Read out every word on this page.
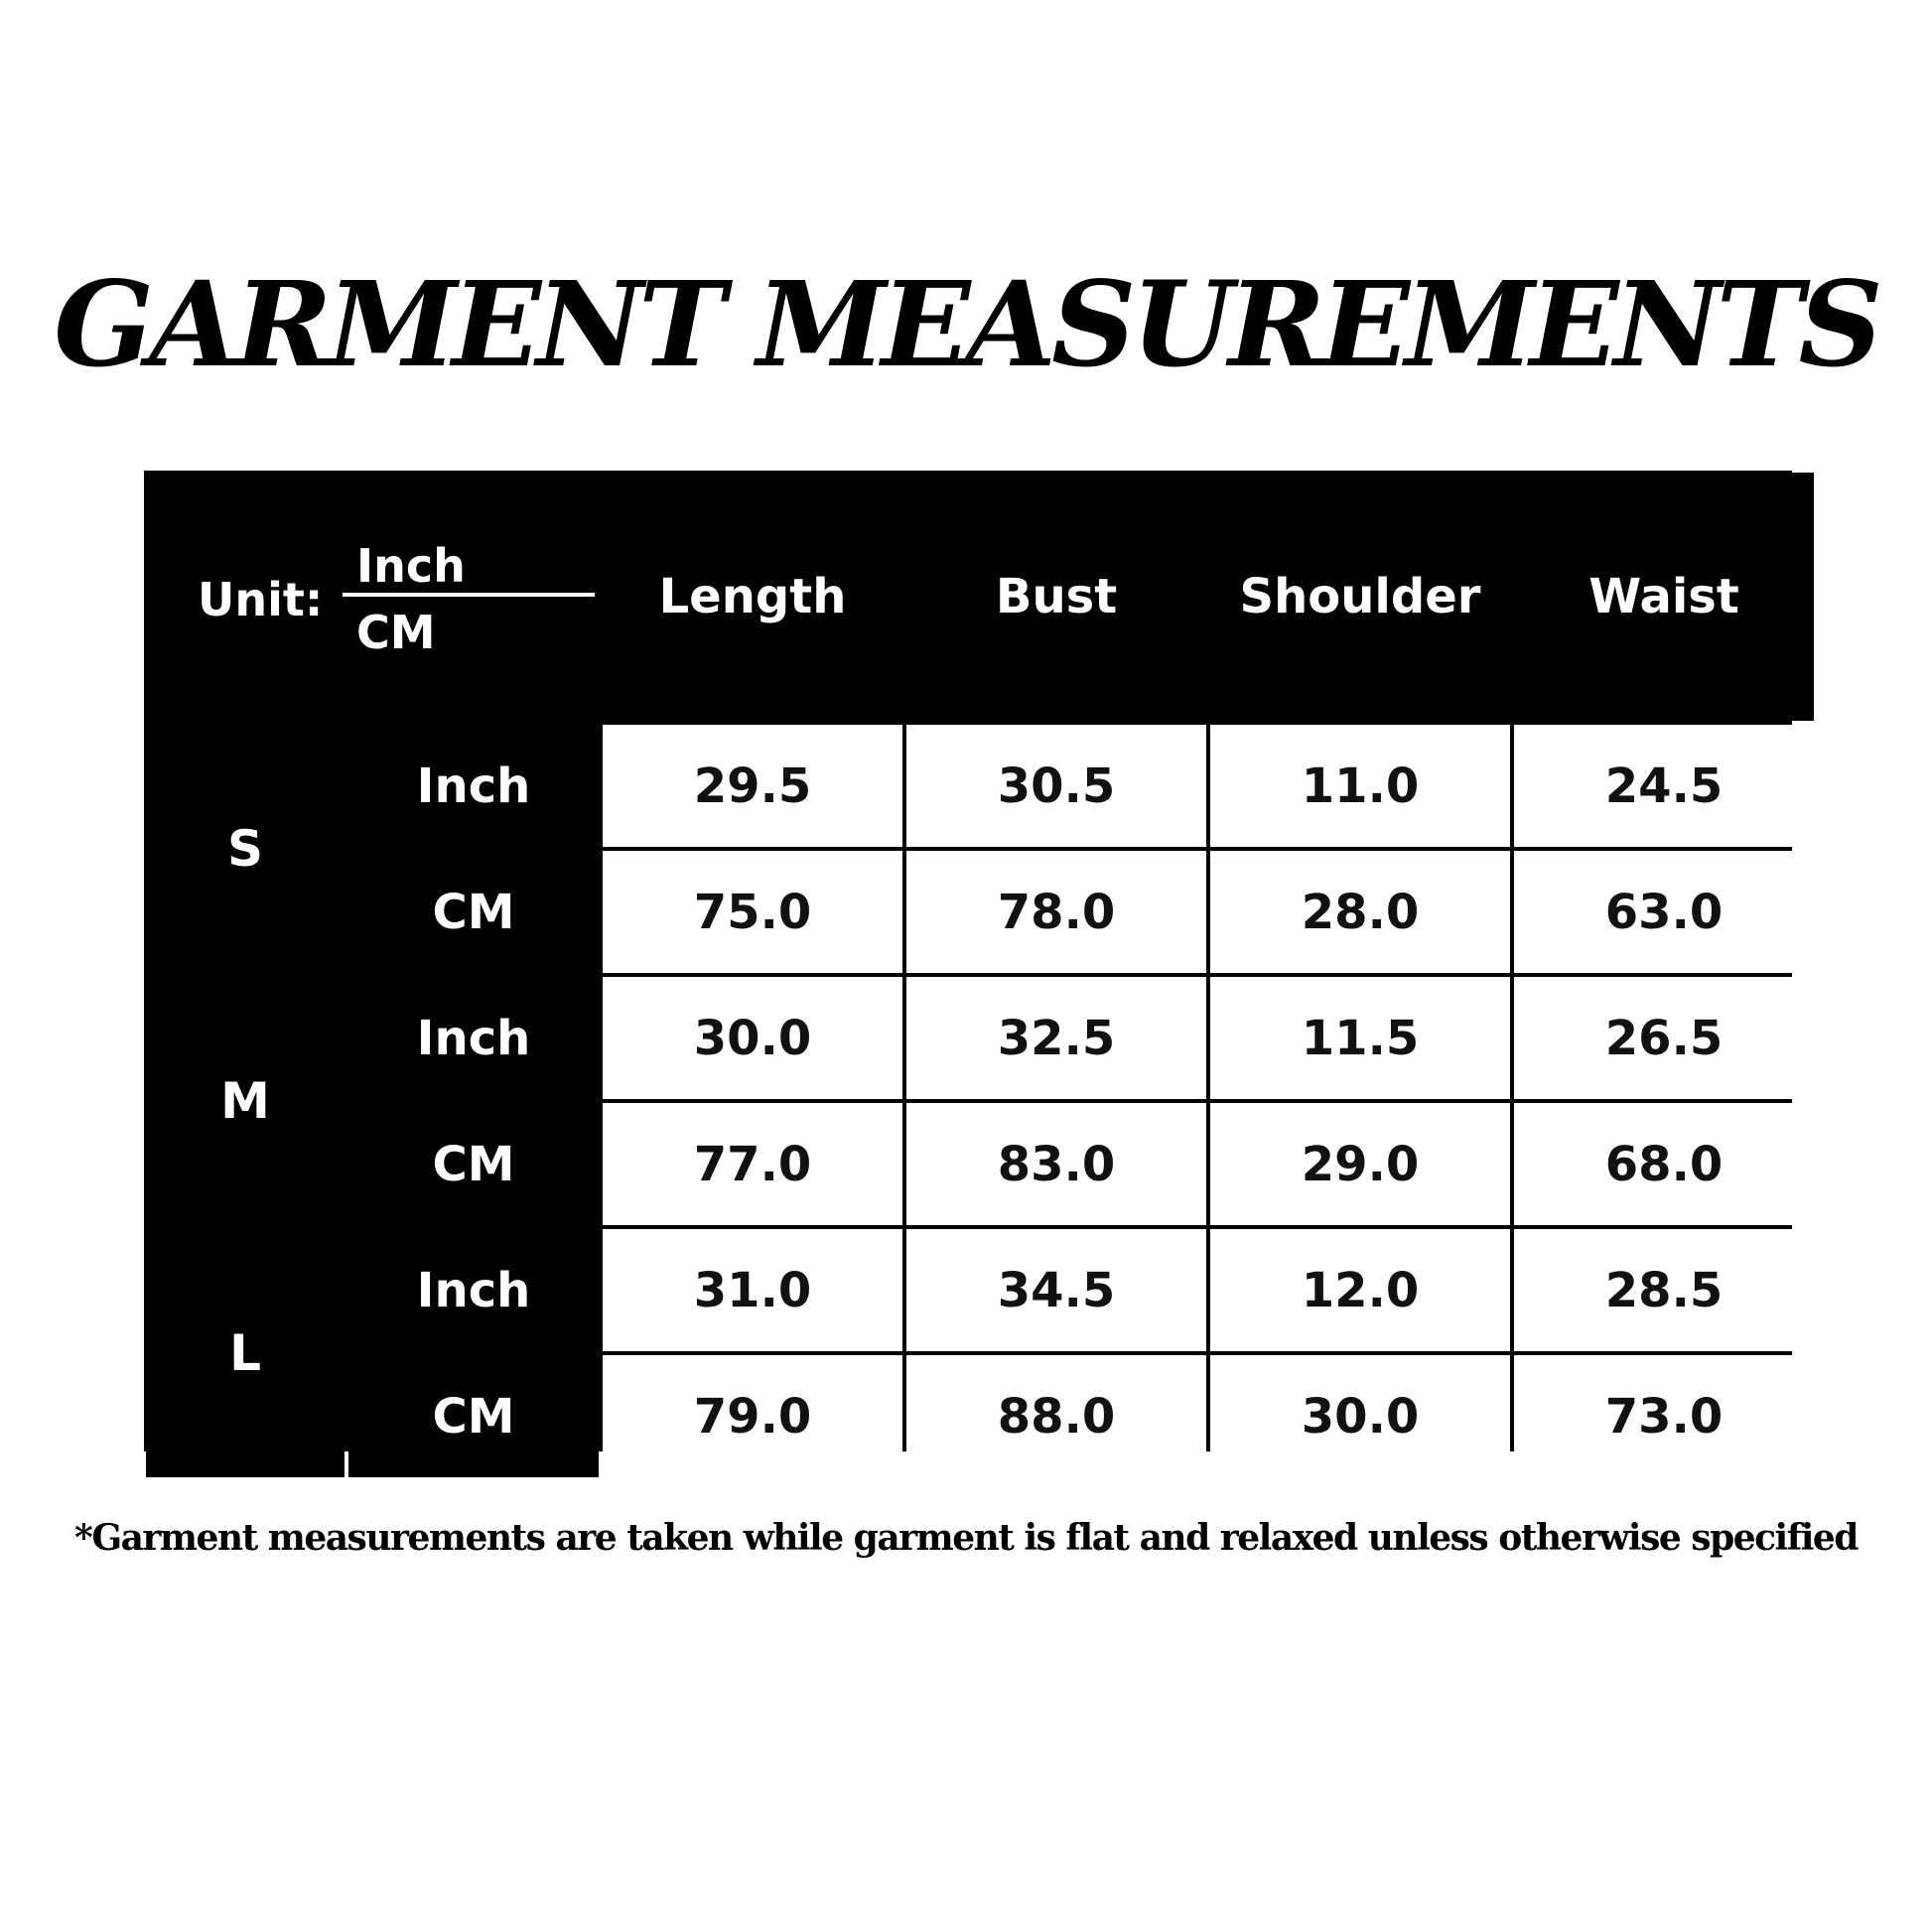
GARMENT MEASUREMENTS
Unit:
Inch
CM
Length	Bust	Shoulder	Waist
S
Inch	29.5	30.5	11.0	24.5
CM	75.0	78.0	28.0	63.0
M
Inch	30.0	32.5	11.5	26.5
CM	77.0	83.0	29.0	68.0
L
Inch	31.0	34.5	12.0	28.5
CM	79.0	88.0	30.0	73.0
*Garment measurements are taken while garment is flat and relaxed unless otherwise specified
